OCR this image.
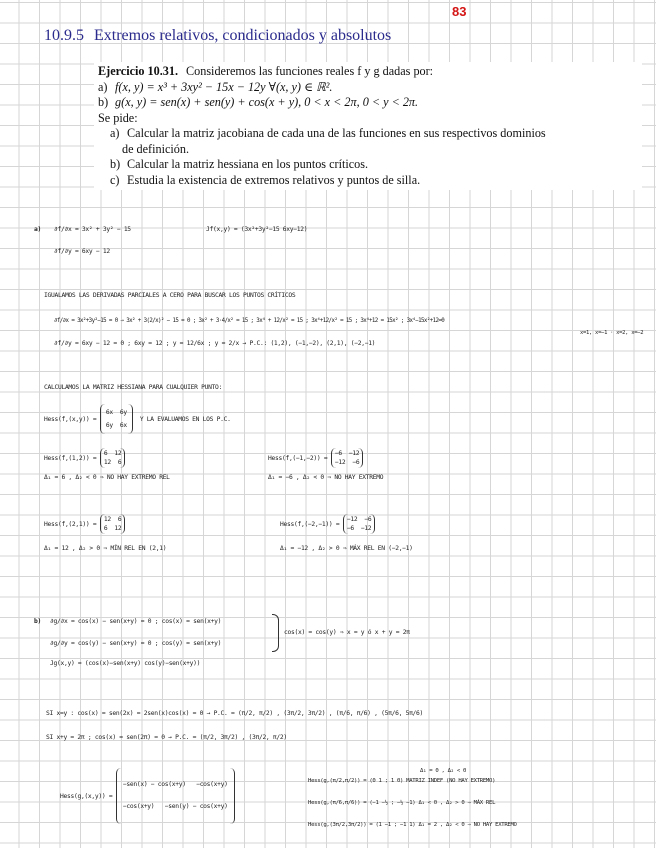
83
10.9.5 Extremos relativos, condicionados y absolutos
Ejercicio 10.31. Consideremos las funciones reales f y g dadas por:
a) f(x, y) = x³ + 3xy² − 15x − 12y ∀(x, y) ∈ ℝ².
b) g(x, y) = sen(x) + sen(y) + cos(x + y), 0 < x < 2π, 0 < y < 2π.
Se pide:
a) Calcular la matriz jacobiana de cada una de las funciones en sus respectivos dominios
de definición.
b) Calcular la matriz hessiana en los puntos críticos.
c) Estudia la existencia de extremos relativos y puntos de silla.
a) ∂f/∂x = 3x² + 3y² − 15	Jf(x,y) = (3x²+3y²−15 6xy−12)
∂f/∂y = 6xy − 12
IGUALAMOS LAS DERIVADAS PARCIALES A CERO PARA BUSCAR LOS PUNTOS CRÍTICOS
∂f/∂x = 3x²+3y²−15 = 0 → 3x² + 3(2/x)² − 15 = 0 ; 3x² + 3·4/x² = 15 ; 3x⁴ + 12/x² = 15 ; 3x⁴+12/x² = 15 ; 3x⁴+12 = 15x² ; 3x⁴−15x²+12=0
x=1, x=−1 · x=2, x=−2
∂f/∂y = 6xy − 12 = 0 ; 6xy = 12 ; y = 12/6x ; y = 2/x → P.C.: (1,2), (−1,−2), (2,1), (−2,−1)
CALCULAMOS LA MATRIZ HESSIANA PARA CUALQUIER PUNTO:
Hess(f,(x,y)) = 6x 6y
6y 6x  Y LA EVALUAMOS EN LOS P.C.
Hess(f,(1,2)) = 6 12
12 6
Δ₁ = 6 , Δ₂ < 0 ⇒ NO HAY EXTREMO REL
Hess(f,(−1,−2)) = −6 −12
−12 −6
Δ₁ = −6 , Δ₂ < 0 ⇒ NO HAY EXTREMO
Hess(f,(2,1)) = 12 6
6 12
Δ₁ = 12 , Δ₂ > 0 ⇒ MÍN REL EN (2,1)
Hess(f,(−2,−1)) = −12 −6
−6 −12
Δ₁ = −12 , Δ₂ > 0 ⇒ MÁX REL EN (−2,−1)
b) ∂g/∂x = cos(x) − sen(x+y) = 0 ; cos(x) = sen(x+y)
∂g/∂y = cos(y) − sen(x+y) = 0 ; cos(y) = sen(x+y)
cos(x) = cos(y) ⇒ x = y ó x + y = 2π
Jg(x,y) = (cos(x)−sen(x+y) cos(y)−sen(x+y))
SI x=y : cos(x) = sen(2x) = 2sen(x)cos(x) = 0 → P.C. = (π/2, π/2) , (3π/2, 3π/2) , (π/6, π/6) , (5π/6, 5π/6)
SI x+y = 2π ; cos(x) = sen(2π) = 0 → P.C. = (π/2, 3π/2) , (3π/2, π/2)
Hess(g,(x,y)) = −sen(x) − cos(x+y) −cos(x+y)
−cos(x+y) −sen(y) − cos(x+y)
Δ₁ = 0 , Δ₂ < 0
Hess(g,(π/2,π/2)) = (0 1 ; 1 0) MATRIZ INDEF (NO HAY EXTREMO)
Hess(g,(π/6,π/6)) = (−1 −½ ; −½ −1) Δ₁ < 0 , Δ₂ > 0 ⇒ MÁX REL
Hess(g,(3π/2,3π/2)) = (1 −1 ; −1 1) Δ₁ = 2 , Δ₂ < 0 ⇒ NO HAY EXTREMO
